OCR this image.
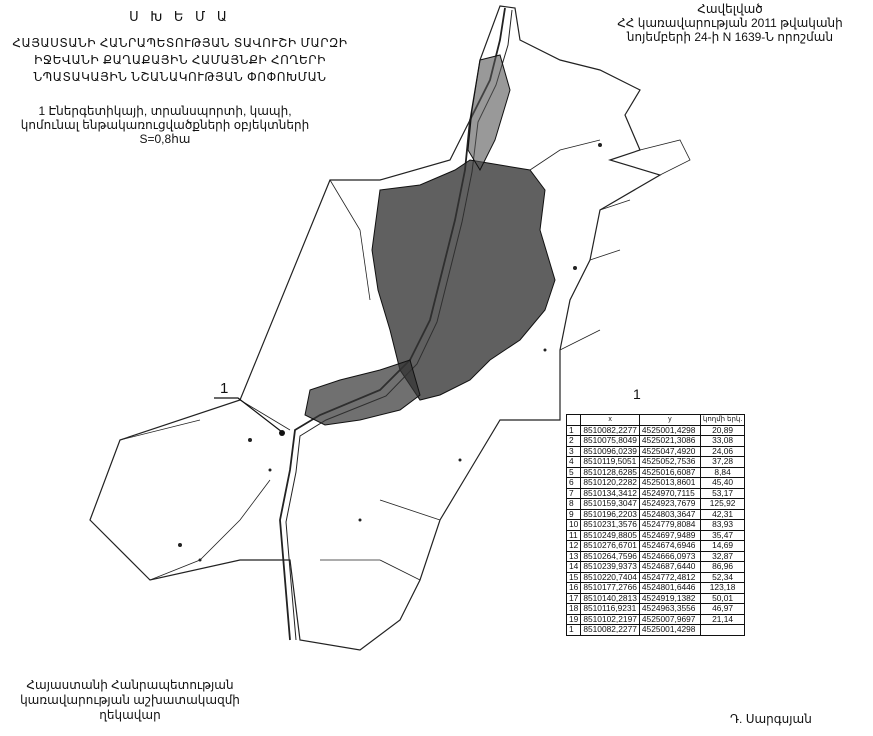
Ս Խ Ե Մ Ա
ՀԱՅԱՍՏԱՆԻ ՀԱՆՐԱՊԵՏՈՒԹՅԱՆ ՏԱՎՈՒՇԻ ՄԱՐԶԻ
ԻՋԵՎԱՆԻ ՔԱՂԱՔԱՅԻՆ ՀԱՄԱՅՆՔԻ ՀՈՂԵՐԻ
ՆՊԱՏԱԿԱՅԻՆ ՆՇԱՆԱԿՈՒԹՅԱՆ ՓՈՓՈԽՄԱՆ
1 Էներգետիկայի, տրանսպորտի, կապի,
կոմունալ ենթակառուցվածքների օբյեկտների
S=0,8հա
Հավելված
ՀՀ կառավարության 2011 թվականի
նոյեմբերի 24-ի N 1639-Ն որոշման
1	1
	x	y	կողմի երկ.
1	8510082,2277	4525001,4298	20,89
2	8510075,8049	4525021,3086	33,08
3	8510096,0239	4525047,4920	24,06
4	8510119,5051	4525052,7536	37,28
5	8510128,6285	4525016,6087	8,84
6	8510120,2282	4525013,8601	45,40
7	8510134,3412	4524970,7115	53,17
8	8510159,3047	4524923,7679	125,92
9	8510196,2203	4524803,3647	42,31
10	8510231,3576	4524779,8084	83,93
11	8510249,8805	4524697,9489	35,47
12	8510276,6701	4524674,6946	14,69
13	8510264,7596	4524666,0973	32,87
14	8510239,9373	4524687,6440	86,96
15	8510220,7404	4524772,4812	52,34
16	8510177,2766	4524801,6446	123,18
17	8510140,2813	4524919,1382	50,01
18	8510116,9231	4524963,3556	46,97
19	8510102,2197	4525007,9697	21,14
1	8510082,2277	4525001,4298	
Հայաստանի Հանրապետության
կառավարության աշխատակազմի
ղեկավար	Դ. Սարգսյան
